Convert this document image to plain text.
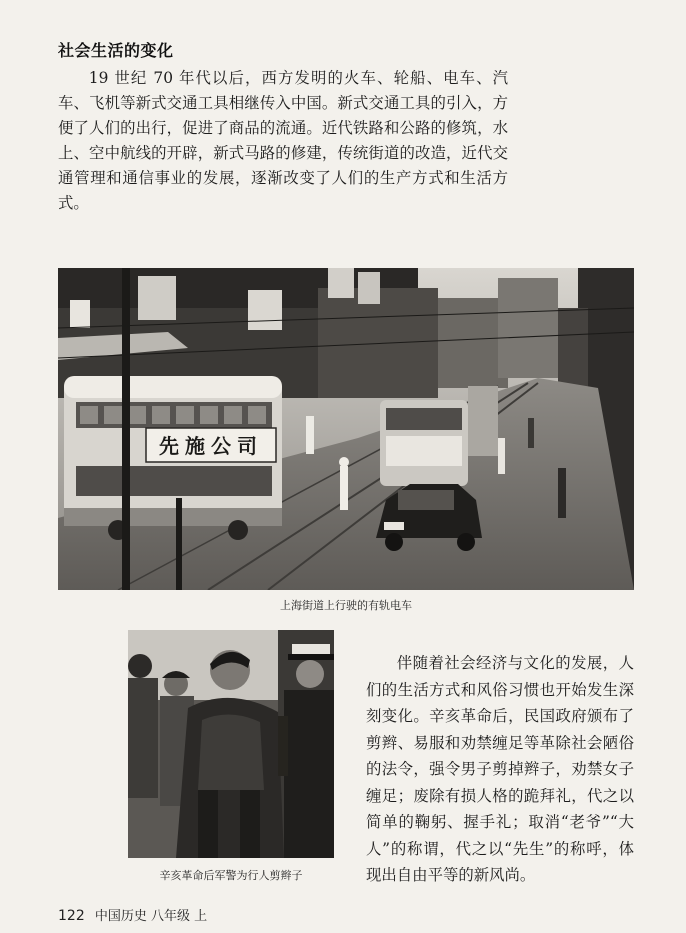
社会生活的变化

19 世纪 70 年代以后，西方发明的火车、轮船、电车、汽车、飞机等新式交通工具相继传入中国。新式交通工具的引入，方便了人们的出行，促进了商品的流通。近代铁路和公路的修筑，水上、空中航线的开辟，新式马路的修建，传统街道的改造，近代交通管理和通信事业的发展，逐渐改变了人们的生产方式和生活方式。

先施公司
上海街道上行驶的有轨电车
辛亥革命后军警为行人剪辫子

伴随着社会经济与文化的发展，人们的生活方式和风俗习惯也开始发生深刻变化。辛亥革命后，民国政府颁布了剪辫、易服和劝禁缠足等革除社会陋俗的法令，强令男子剪掉辫子，劝禁女子缠足；废除有损人格的跪拜礼，代之以简单的鞠躬、握手礼；取消“老爷”“大人”的称谓，代之以“先生”的称呼，体现出自由平等的新风尚。

122 中国历史 八年级 上
